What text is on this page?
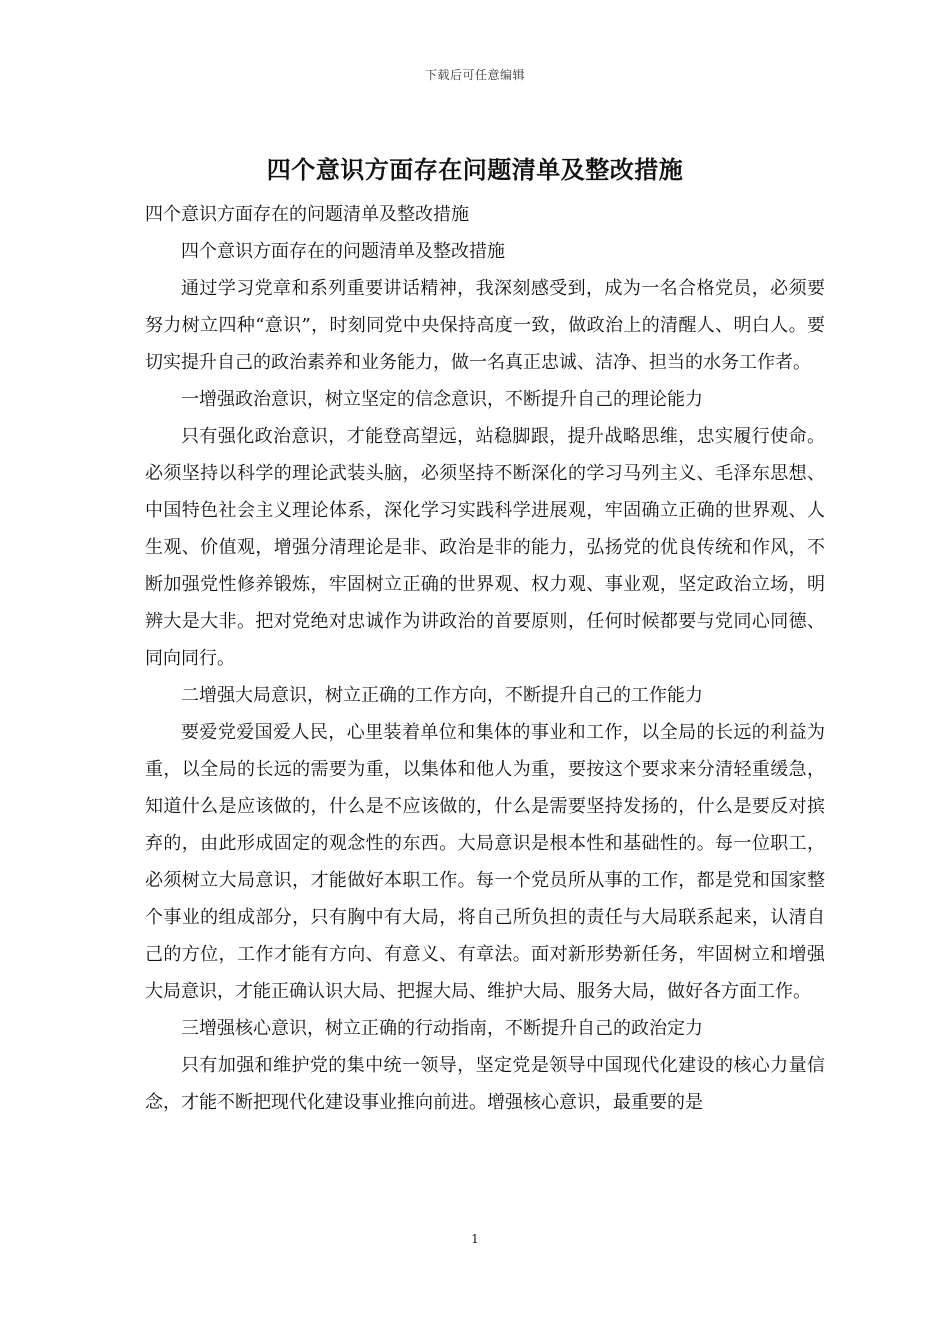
下载后可任意编辑
四个意识方面存在问题清单及整改措施

四个意识方面存在的问题清单及整改措施

四个意识方面存在的问题清单及整改措施

通过学习党章和系列重要讲话精神，我深刻感受到，成为一名合格党员，必须要努力树立四种“意识”，时刻同党中央保持高度一致，做政治上的清醒人、明白人。要切实提升自己的政治素养和业务能力，做一名真正忠诚、洁净、担当的水务工作者。

一增强政治意识，树立坚定的信念意识，不断提升自己的理论能力

只有强化政治意识，才能登高望远，站稳脚跟，提升战略思维，忠实履行使命。必须坚持以科学的理论武装头脑，必须坚持不断深化的学习马列主义、毛泽东思想、中国特色社会主义理论体系，深化学习实践科学进展观，牢固确立正确的世界观、人生观、价值观，增强分清理论是非、政治是非的能力，弘扬党的优良传统和作风，不断加强党性修养锻炼，牢固树立正确的世界观、权力观、事业观，坚定政治立场，明辨大是大非。把对党绝对忠诚作为讲政治的首要原则，任何时候都要与党同心同德、同向同行。

二增强大局意识，树立正确的工作方向，不断提升自己的工作能力

要爱党爱国爱人民，心里装着单位和集体的事业和工作，以全局的长远的利益为重，以全局的长远的需要为重，以集体和他人为重，要按这个要求来分清轻重缓急，知道什么是应该做的，什么是不应该做的，什么是需要坚持发扬的，什么是要反对摈弃的，由此形成固定的观念性的东西。大局意识是根本性和基础性的。每一位职工，必须树立大局意识，才能做好本职工作。每一个党员所从事的工作，都是党和国家整个事业的组成部分，只有胸中有大局，将自己所负担的责任与大局联系起来，认清自己的方位，工作才能有方向、有意义、有章法。面对新形势新任务，牢固树立和增强大局意识，才能正确认识大局、把握大局、维护大局、服务大局，做好各方面工作。

三增强核心意识，树立正确的行动指南，不断提升自己的政治定力

只有加强和维护党的集中统一领导，坚定党是领导中国现代化建设的核心力量信念，才能不断把现代化建设事业推向前进。增强核心意识，最重要的是

1
